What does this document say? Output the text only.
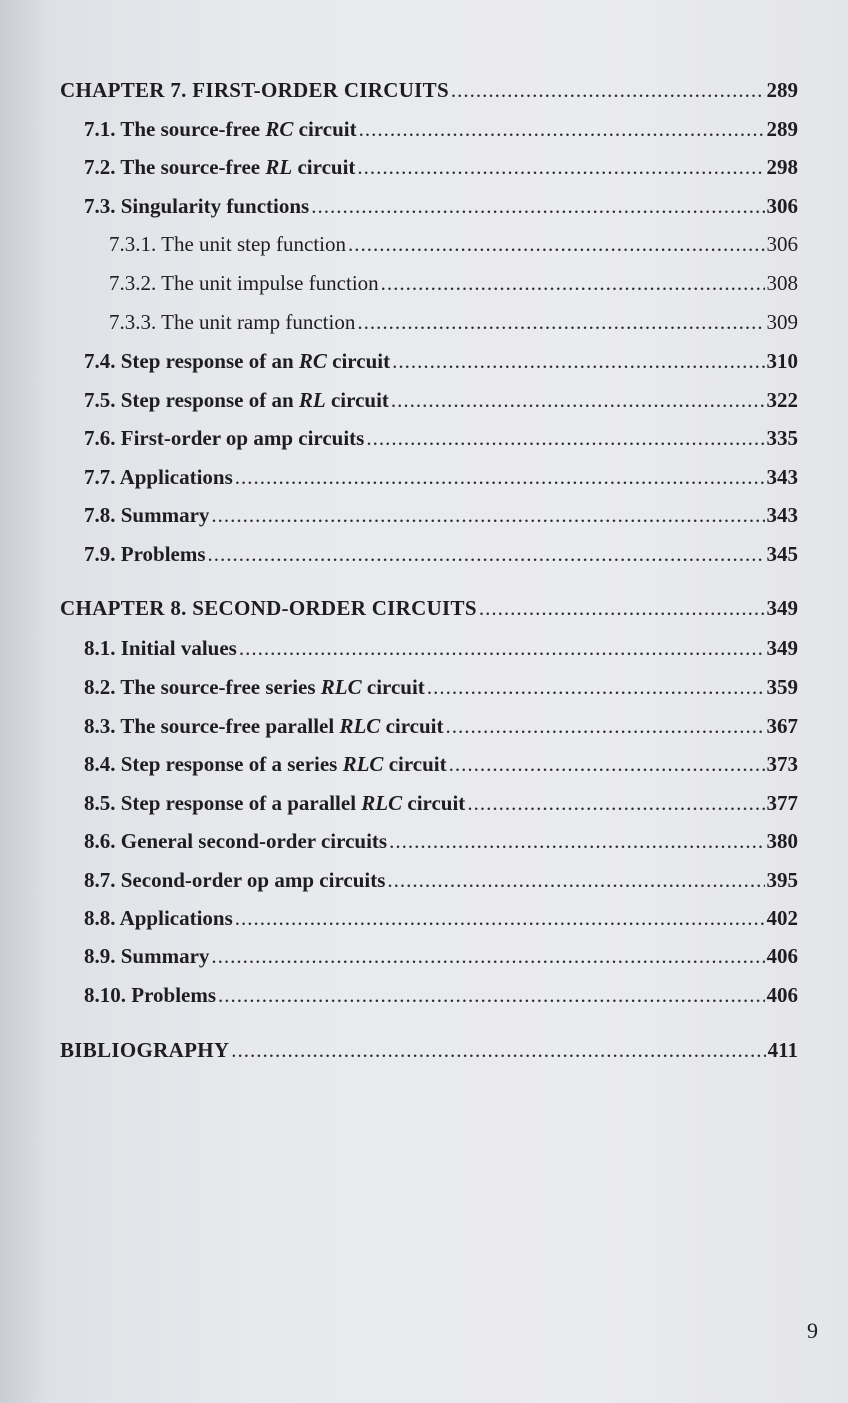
CHAPTER 7. FIRST-ORDER CIRCUITS .....	289
7.1. The source-free RC circuit .....	289
7.2. The source-free RL circuit .....	298
7.3. Singularity functions .....	306
7.3.1. The unit step function .....	306
7.3.2. The unit impulse function .....	308
7.3.3. The unit ramp function .....	309
7.4. Step response of an RC circuit .....	310
7.5. Step response of an RL circuit .....	322
7.6. First-order op amp circuits .....	335
7.7. Applications .....	343
7.8. Summary .....	343
7.9. Problems .....	345
CHAPTER 8. SECOND-ORDER CIRCUITS .....	349
8.1. Initial values .....	349
8.2. The source-free series RLC circuit .....	359
8.3. The source-free parallel RLC circuit .....	367
8.4. Step response of a series RLC circuit .....	373
8.5. Step response of a parallel RLC circuit .....	377
8.6. General second-order circuits .....	380
8.7. Second-order op amp circuits .....	395
8.8. Applications .....	402
8.9. Summary .....	406
8.10. Problems .....	406
BIBLIOGRAPHY .....	411
9
